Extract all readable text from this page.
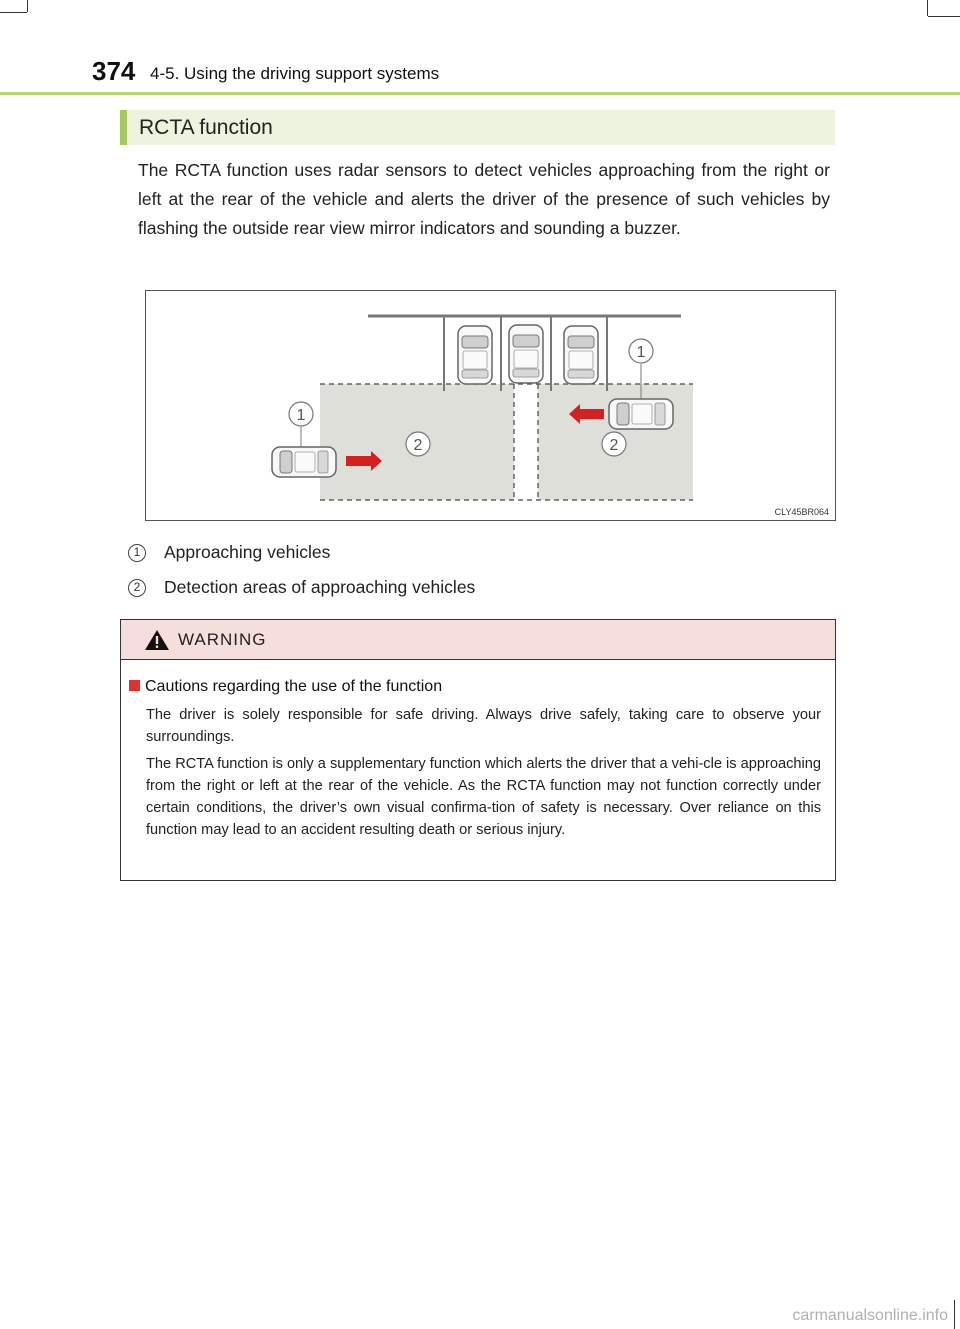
374 4-5. Using the driving support systems
RCTA function
The RCTA function uses radar sensors to detect vehicles approaching from the right or left at the rear of the vehicle and alerts the driver of the presence of such vehicles by flashing the outside rear view mirror indicators and sounding a buzzer.
1
1
2	2
CLY45BR064
1	Approaching vehicles
2	Detection areas of approaching vehicles
WARNING
Cautions regarding the use of the function
The driver is solely responsible for safe driving. Always drive safely, taking care to observe your surroundings.
The RCTA function is only a supplementary function which alerts the driver that a vehi-cle is approaching from the right or left at the rear of the vehicle. As the RCTA function may not function correctly under certain conditions, the driver’s own visual confirma-tion of safety is necessary. Over reliance on this function may lead to an accident resulting death or serious injury.
carmanualsonline.info
